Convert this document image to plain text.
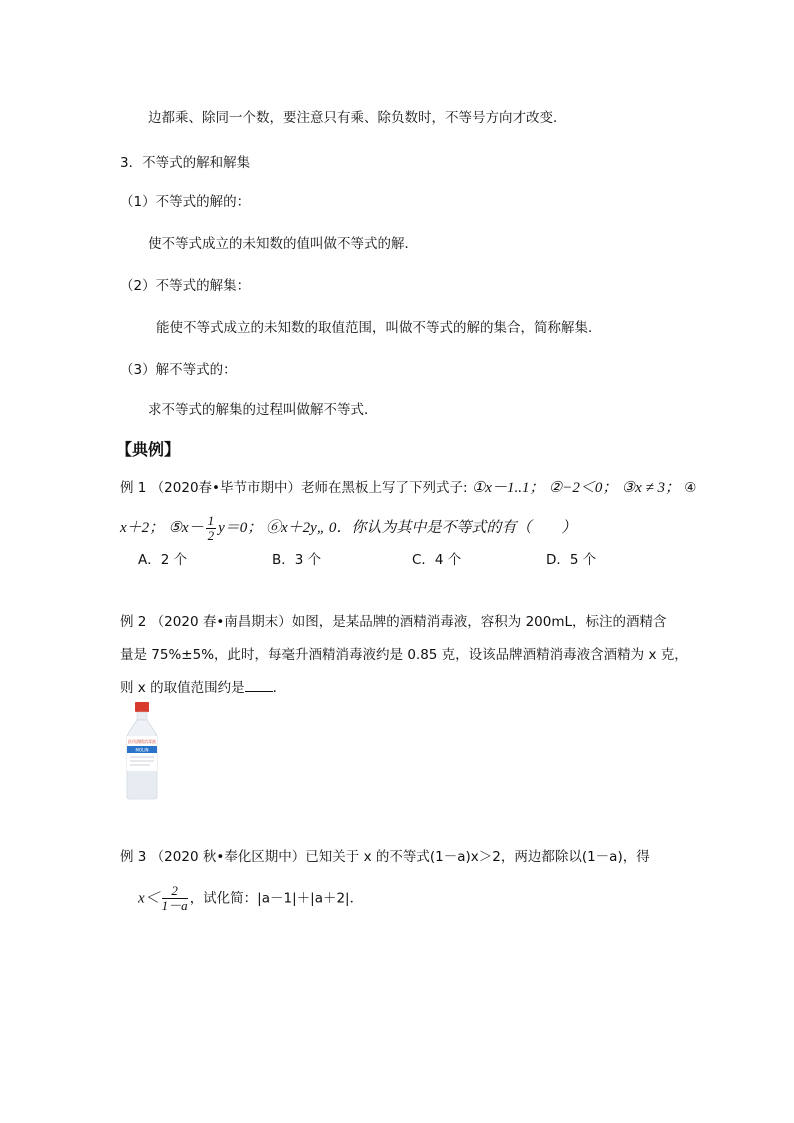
边都乘、除同一个数，要注意只有乘、除负数时，不等号方向才改变．
3．不等式的解和解集
（1）不等式的解的：
使不等式成立的未知数的值叫做不等式的解．
（2）不等式的解集：
能使不等式成立的未知数的取值范围，叫做不等式的解的集合，简称解集．
（3）解不等式的：
求不等式的解集的过程叫做解不等式．
【典例】
例 1 （2020春•毕节市期中）老师在黑板上写了下列式子: ①x－1..1； ②−2＜0； ③x ≠ 3； ④
x＋2； ⑤x－ $\frac{1}{2} y=0$； ⑥x＋2y„ 0．你认为其中是不等式的有（　　）
A．2 个	B．3 个	C．4 个	D．5 个
例 2 （2020 春•南昌期末）如图，是某品牌的酒精消毒液，容积为 200mL，标注的酒精含
量是 75%±5%，此时，每毫升酒精消毒液约是 0.85 克，设该品牌酒精消毒液含酒精为 x 克，
则 x 的取值范围约是 ．
医用酒精消毒液
MOLIN
例 3 （2020 秋•奉化区期中）已知关于 x 的不等式(1－a)x＞2，两边都除以(1－a)，得
$x< \frac{2}{1-a}$ ，试化简：|a－1|＋|a＋2|．
